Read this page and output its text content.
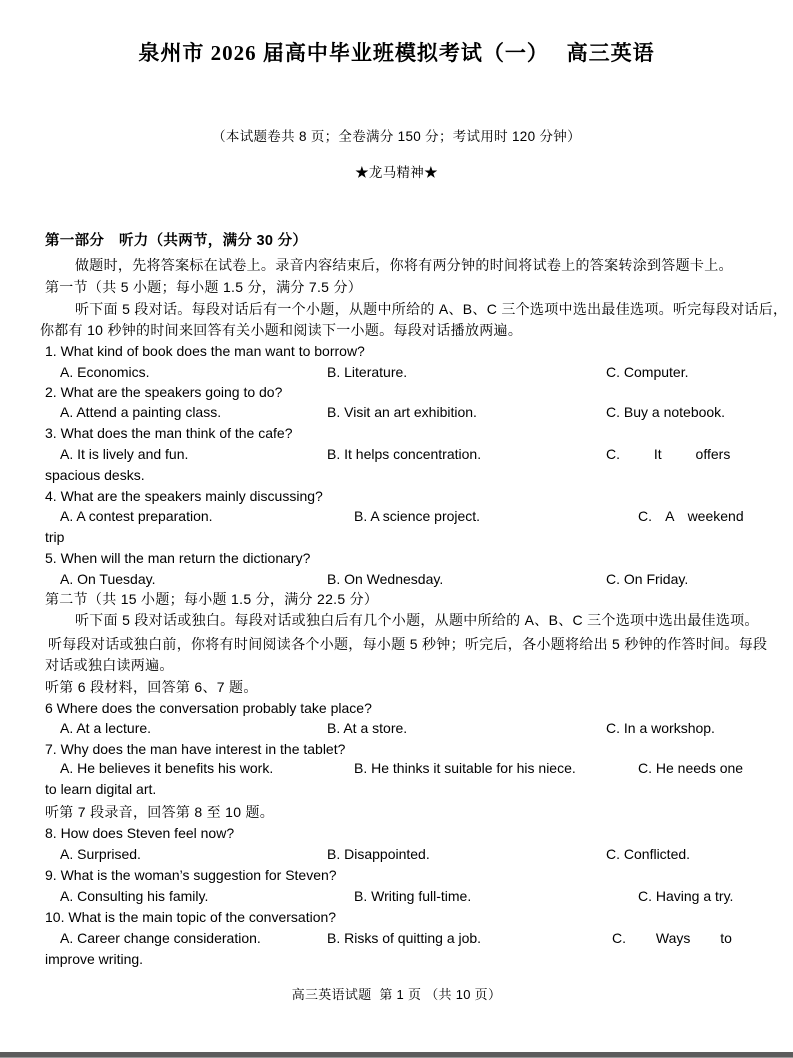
泉州市 2026 届高中毕业班模拟考试（一）　 高三英语
（本试题卷共 8 页；全卷满分 150 分；考试用时 120 分钟）
★龙马精神★
第一部分　听力（共两节，满分 30 分）
做题时，先将答案标在试卷上。录音内容结束后，你将有两分钟的时间将试卷上的答案转涂到答题卡上。
第一节（共 5 小题；每小题 1.5 分，满分 7.5 分）
听下面 5 段对话。每段对话后有一个小题，从题中所给的 A、B、C 三个选项中选出最佳选项。听完每段对话后，
你都有 10 秒钟的时间来回答有关小题和阅读下一小题。每段对话播放两遍。
1. What kind of book does the man want to borrow?

A. Economics.

	B. Literature.

	C. Computer.

2. What are the speakers going to do?

A. Attend a painting class.

	B. Visit an art exhibition.

	C. Buy a notebook.

3. What does the man think of the cafe?

A. It is lively and fun.

	B. It helps concentration.

	C. It offers

spacious desks.
4. What are the speakers mainly discussing?

A. A contest preparation.

	B. A science project.

	C. A weekend

trip
5. When will the man return the dictionary?

A. On Tuesday.

	B. On Wednesday.

	C. On Friday.

第二节（共 15 小题；每小题 1.5 分，满分 22.5 分）
听下面 5 段对话或独白。每段对话或独白后有几个小题，从题中所给的 A、B、C 三个选项中选出最佳选项。
听每段对话或独白前，你将有时间阅读各个小题，每小题 5 秒钟；听完后，各小题将给出 5 秒钟的作答时间。每段
对话或独白读两遍。
听第 6 段材料，回答第 6、7 题。
6 Where does the conversation probably take place?

A. At a lecture.

	B. At a store.

	C. In a workshop.

7. Why does the man have interest in the tablet?

A. He believes it benefits his work.

	B. He thinks it suitable for his niece.

	C. He needs one

to learn digital art.
听第 7 段录音，回答第 8 至 10 题。
8. How does Steven feel now?

A. Surprised.

	B. Disappointed.

	C. Conflicted.

9. What is the woman’s suggestion for Steven?

A. Consulting his family.

	B. Writing full-time.

	C. Having a try.

10. What is the main topic of the conversation?

A. Career change consideration.

	B. Risks of quitting a job.

	C. Ways to

improve writing.
高三英语试题  第 1 页 （共 10 页）
